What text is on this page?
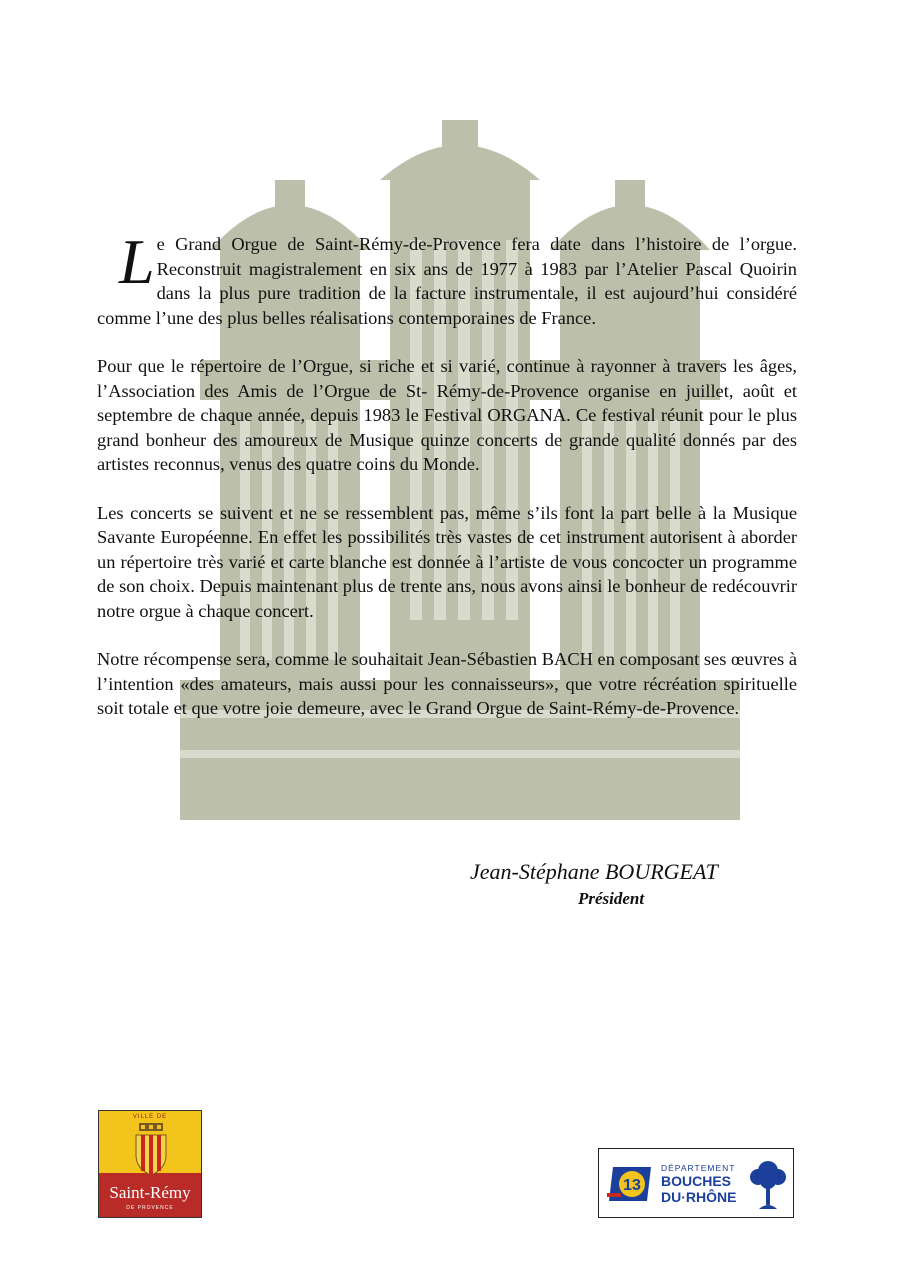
Le Grand Orgue de Saint-Rémy-de-Provence fera date dans l’histoire de l’orgue. Reconstruit magistralement en six ans de 1977 à 1983 par l’Atelier Pascal Quoirin dans la plus pure tradition de la facture instrumentale, il est aujourd’hui considéré comme l’une des plus belles réalisations contemporaines de France.

Pour que le répertoire de l’Orgue, si riche et si varié, continue à rayonner à travers les âges, l’Association des Amis de l’Orgue de St- Rémy-de-Provence organise en juillet, août et septembre de chaque année, depuis 1983 le Festival ORGANA. Ce festival réunit pour le plus grand bonheur des amoureux de Musique quinze concerts de grande qualité donnés par des artistes reconnus, venus des quatre coins du Monde.

Les concerts se suivent et ne se ressemblent pas, même s’ils font la part belle à la Musique Savante Européenne. En effet les possibilités très vastes de cet instrument autorisent à aborder un répertoire très varié et carte blanche est donnée à l’artiste de vous concocter un programme de son choix. Depuis maintenant plus de trente ans, nous avons ainsi le bonheur de redécouvrir notre orgue à chaque concert.

Notre récompense sera, comme le souhaitait Jean-Sébastien BACH en composant ses œuvres à l’intention «des amateurs, mais aussi pour les connaisseurs», que votre récréation spirituelle soit totale et que votre joie demeure, avec le Grand Orgue de Saint-Rémy-de-Provence.

Jean-Stéphane BOURGEAT
Président
VILLE DE
Saint-Rémy
DE PROVENCE
13
DÉPARTEMENT
BOUCHES
DU·RHÔNE
